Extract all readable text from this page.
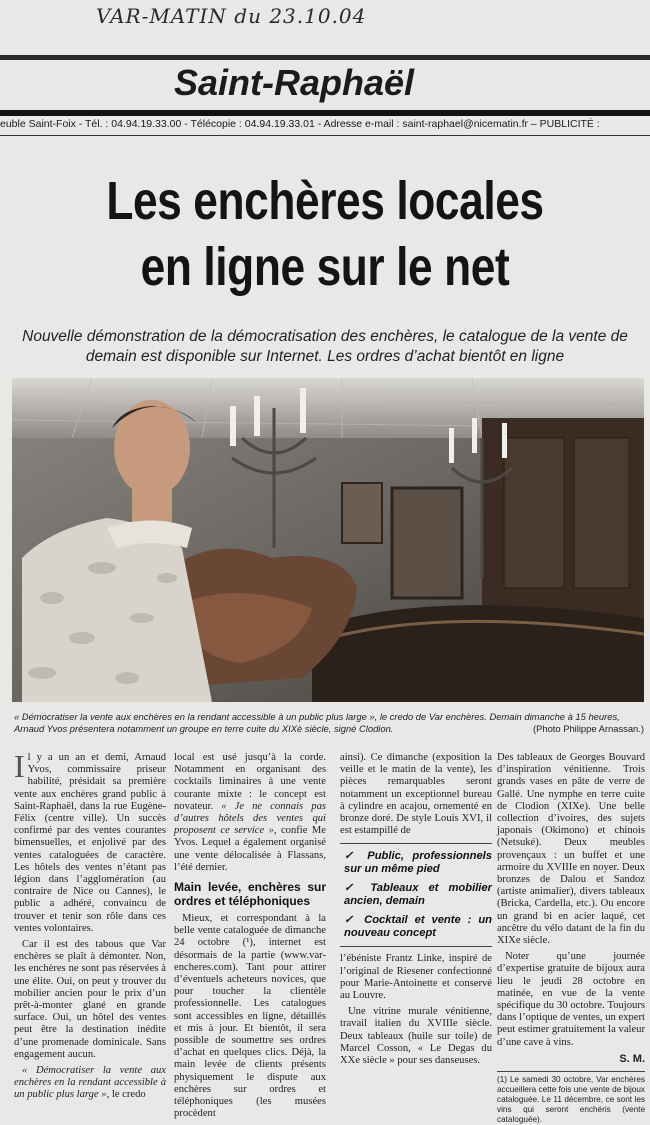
VAR-MATIN du 23.10.04
Saint-Raphaël
eub​le Saint-Foix - Tél. : 04.94.19.33.00 - Télécopie : 04.94.19.33.01 - Adresse e-mail : saint-raphael@nicematin.fr – PUBLICITÉ :
Les enchères locales
en ligne sur le net
Nouvelle démonstration de la démocratisation des enchères, le catalogue de la vente de demain est disponible sur Internet. Les ordres d’achat bientôt en ligne
« Démocratiser la vente aux enchères en la rendant accessible à un public plus large », le credo de Var enchères. Demain dimanche à 15 heures, Arnaud Yvos présentera notamment un groupe en terre cuite du XIXè siècle, signé Clodion.	(Photo Philippe Arnassan.)

Il y a un an et demi, Arnaud Yvos, commissaire priseur habilité, présidait sa première vente aux enchères grand public à Saint-Raphaël, dans la rue Eugène-Félix (centre ville). Un succès confirmé par des ventes courantes bimensuelles, et enjolivé par des ventes cataloguées de caractère. Les hôtels des ventes n’étant pas légion dans l’agglomération (au contraire de Nice ou Cannes), le public a adhéré, convaincu de trouver et tenir son rôle dans ces ventes volontaires.

Car il est des tabous que Var enchères se plaît à démonter. Non, les enchères ne sont pas réservées à une élite. Oui, on peut y trouver du mobilier ancien pour le prix d’un prêt-à-monter glané en grande surface. Oui, un hôtel des ventes peut être la destination inédite d’une promenade dominicale. Sans engagement aucun.

« Démocratiser la vente aux enchères en la rendant accessible à un public plus large », le credo

local est usé jusqu’à la corde. Notamment en organisant des cocktails liminaires à une vente courante mixte : le concept est novateur. « Je ne connais pas d’autres hôtels des ventes qui proposent ce service », confie Me Yvos. Lequel a également organisé une vente délocalisée à Flassans, l’été dernier.

Main levée, enchères sur ordres et téléphoniques

Mieux, et correspondant à la belle vente cataloguée de dimanche 24 octobre (¹), internet est désormais de la partie (www.var-encheres.com). Tant pour attirer d’éventuels acheteurs novices, que pour toucher la clientèle professionnelle. Les catalogues sont accessibles en ligne, détaillés et mis à jour. Et bientôt, il sera possible de soumettre ses ordres d’achat en quelques clics. Déjà, la main levée de clients présents physiquement le dispute aux enchères sur ordres et téléphoniques (les musées procèdent

ainsi). Ce dimanche (exposition la veille et le matin de la vente), les pièces remarquables seront notamment un exceptionnel bureau à cylindre en acajou, ornementé en bronze doré. De style Louis XVI, il est estampillé de

✓ Public, professionnels sur un même pied
✓ Tableaux et mobilier ancien, demain
✓ Cocktail et vente : un nouveau concept

l’ébéniste Frantz Linke, inspiré de l’original de Riesener confectionné pour Marie-Antoinette et conservé au Louvre.

Une vitrine murale vénitienne, travail italien du XVIIIe siècle. Deux tableaux (huile sur toile) de Marcel Cosson, « Le Degas du XXe siècle » pour ses danseuses.

Des tableaux de Georges Bouvard d’inspiration vénitienne. Trois grands vases en pâte de verre de Gallé. Une nymphe en terre cuite de Clodion (XIXe). Une belle collection d’ivoires, des sujets japonais (Okimono) et chinois (Netsuké). Deux meubles provençaux : un buffet et une armoire du XVIIIe en noyer. Deux bronzes de Dalou et Sandoz (artiste animalier), divers tableaux (Bricka, Cardella, etc.). Ou encore un grand bi en acier laqué, cet ancêtre du vélo datant de la fin du XIXe siècle.

Noter qu’une journée d’expertise gratuite de bijoux aura lieu le jeudi 28 octobre en matinée, en vue de la vente spécifique du 30 octobre. Toujours dans l’optique de ventes, un expert peut estimer gratuitement la valeur d’une cave à vins.

S. M.
(1) Le samedi 30 octobre, Var enchères accueillera cette fois une vente de bijoux cataloguée. Le 11 décembre, ce sont les vins qui seront enchéris (vente cataloguée).
